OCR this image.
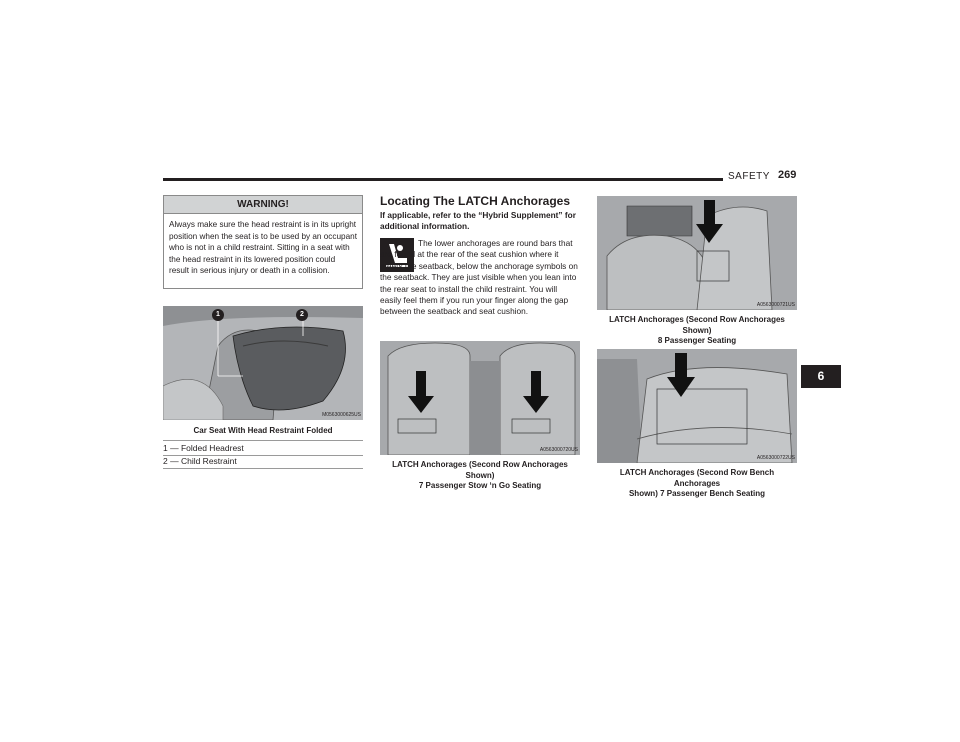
SAFETY 269
WARNING!
Always make sure the head restraint is in its upright position when the seat is to be used by an occupant who is not in a child restraint. Sitting in a seat with the head restraint in its lowered position could result in serious injury or death in a collision.
1	2
M0563000625US
Car Seat With Head Restraint Folded
1 — Folded Headrest
2 — Child Restraint
Locating The LATCH Anchorages
If applicable, refer to the “Hybrid Supplement” for additional information.
The lower anchorages are round bars that are found at the rear of the seat cushion where it meets the seatback, below the anchorage symbols on the seatback. They are just visible when you lean into the rear seat to install the child restraint. You will easily feel them if you run your finger along the gap between the seatback and seat cushion.
A0563000720US
LATCH Anchorages (Second Row Anchorages Shown)
7 Passenger Stow ‘n Go Seating
A0563000721US
LATCH Anchorages (Second Row Anchorages Shown)
8 Passenger Seating
A0563000722US
LATCH Anchorages (Second Row Bench Anchorages
Shown) 7 Passenger Bench Seating
6
